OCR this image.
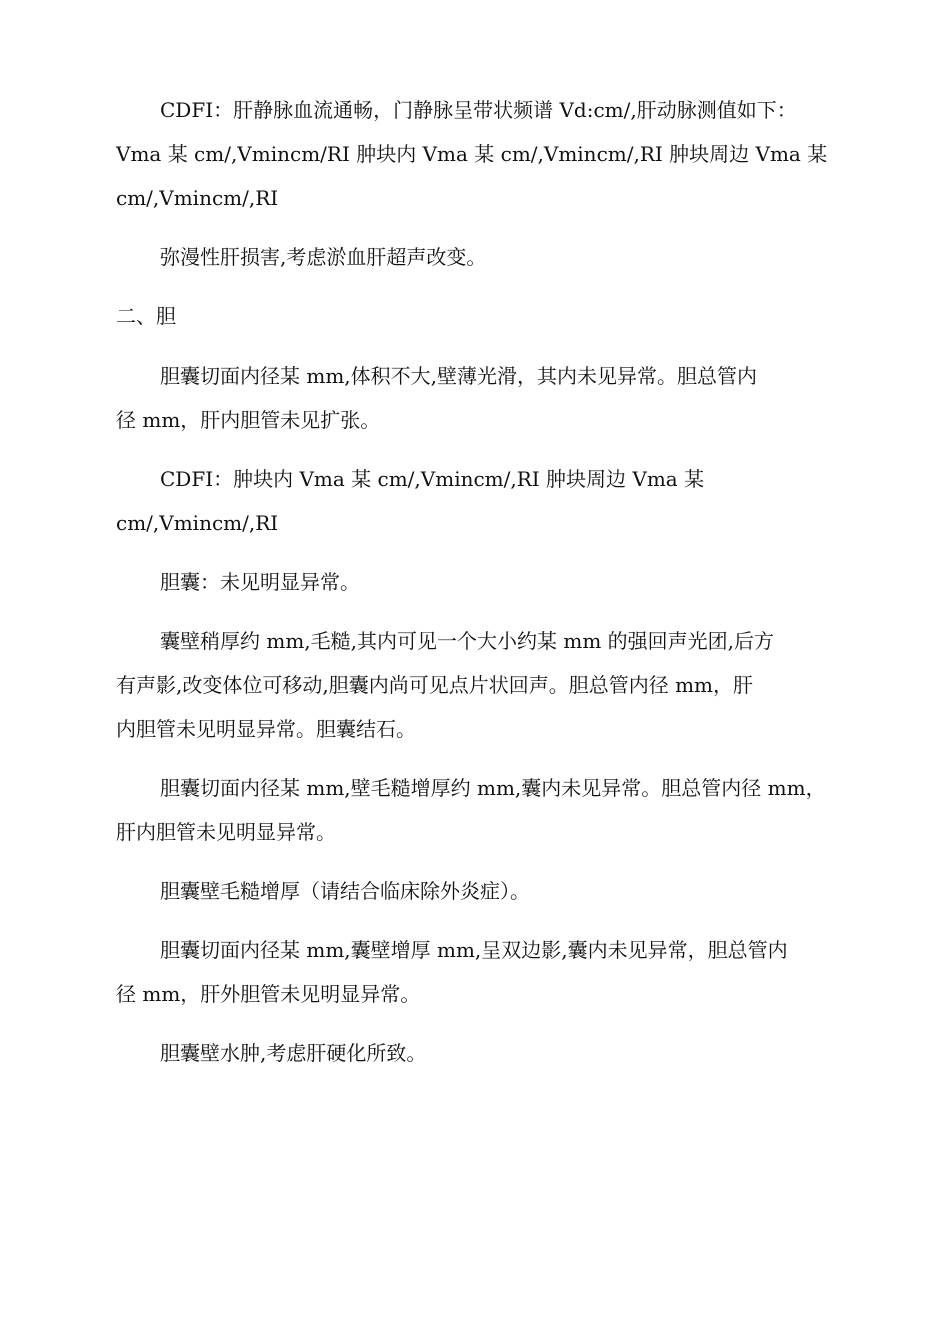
CDFI：肝静脉血流通畅，门静脉呈带状频谱 Vd:cm/,肝动脉测值如下：
Vma 某 cm/,Vmincm/RI 肿块内 Vma 某 cm/,Vmincm/,RI 肿块周边 Vma 某
cm/,Vmincm/,RI
弥漫性肝损害,考虑淤血肝超声改变。
二、胆
胆囊切面内径某 mm,体积不大,壁薄光滑，其内未见异常。胆总管内
径 mm，肝内胆管未见扩张。
CDFI：肿块内 Vma 某 cm/,Vmincm/,RI 肿块周边 Vma 某
cm/,Vmincm/,RI
胆囊：未见明显异常。
囊壁稍厚约 mm,毛糙,其内可见一个大小约某 mm 的强回声光团,后方
有声影,改变体位可移动,胆囊内尚可见点片状回声。胆总管内径 mm，肝
内胆管未见明显异常。胆囊结石。
胆囊切面内径某 mm,壁毛糙增厚约 mm,囊内未见异常。胆总管内径 mm，
肝内胆管未见明显异常。
胆囊壁毛糙增厚（请结合临床除外炎症）。
胆囊切面内径某 mm,囊壁增厚 mm,呈双边影,囊内未见异常，胆总管内
径 mm，肝外胆管未见明显异常。
胆囊壁水肿,考虑肝硬化所致。
